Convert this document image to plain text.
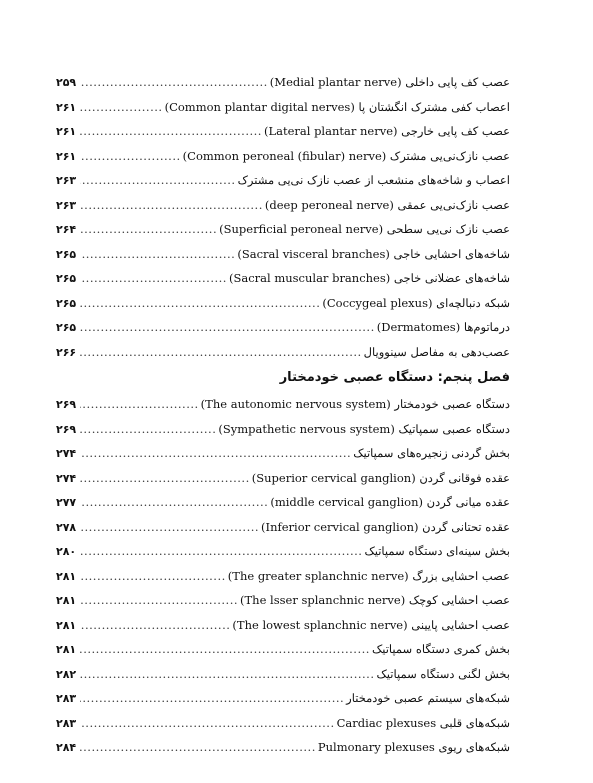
عصب کف پایی داخلی (Medial plantar nerve)
.....
۲۵۹
اعصاب کفی مشترک انگشتان پا (Common plantar digital nerves)
.....
۲۶۱
عصب کف پایی خارجی (Lateral plantar nerve)
.....
۲۶۱
عصب نازک‌نی‌یی مشترک (Common peroneal (fibular) nerve)
.....
۲۶۱
اعصاب و شاخه‌های منشعب از عصب نازک نی‌یی مشترک
.....
۲۶۳
عصب نازک‌نی‌یی عمقی (deep peroneal nerve)
.....
۲۶۳
عصب نازک نی‌یی سطحی (Superficial peroneal nerve)
.....
۲۶۴
شاخه‌های احشایی خاجی (Sacral visceral branches)
.....
۲۶۵
شاخه‌های عضلانی خاجی (Sacral muscular branches)
.....
۲۶۵
شبکه دنبالچه‌ای (Coccygeal plexus)
.....
۲۶۵
درماتوم‌ها (Dermatomes)
.....
۲۶۵
عصب‌دهی به مفاصل سینوویال
.....
۲۶۶
فصل پنجم: دستگاه عصبی خودمختار
دستگاه عصبی خودمختار (The autonomic nervous system)
.....
۲۶۹
دستگاه عصبی سمپاتیک (Sympathetic nervous system)
.....
۲۶۹
بخش گردنی زنجیره‌های سمپاتیک
.....
۲۷۴
عقده فوقانی گردن (Superior cervical ganglion)
.....
۲۷۴
عقده میانی گردن (middle cervical ganglion)
.....
۲۷۷
عقده تحتانی گردن (Inferior cervical ganglion)
.....
۲۷۸
بخش سینه‌ای دستگاه سمپاتیک
.....
۲۸۰
عصب احشایی بزرگ (The greater splanchnic nerve)
.....
۲۸۱
عصب احشایی کوچک (The lsser splanchnic nerve)
.....
۲۸۱
عصب احشایی پایینی (The lowest splanchnic nerve)
.....
۲۸۱
بخش کمری دستگاه سمپاتیک
.....
۲۸۱
بخش لگنی دستگاه سمپاتیک
.....
۲۸۲
شبکه‌های سیستم عصبی خودمختار
.....
۲۸۳
شبکه‌های قلبی Cardiac plexuses
.....
۲۸۳
شبکه‌های ریوی Pulmonary plexuses
.....
۲۸۴
